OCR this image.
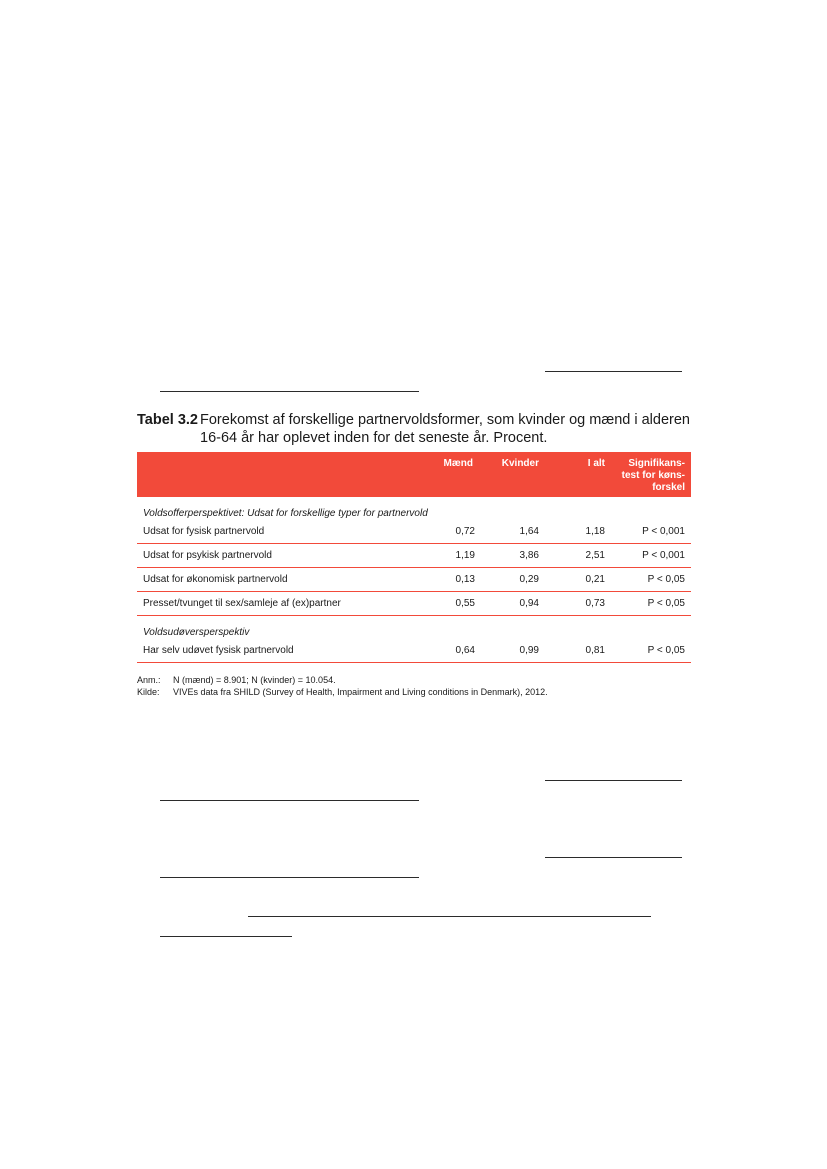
Tabel 3.2 Forekomst af forskellige partnervoldsformer, som kvinder og mænd i alderen 16-64 år har oplevet inden for det seneste år. Procent.
Mænd	Kvinder	I alt	Signifikans-
test for køns-
forskel
Voldsofferperspektivet: Udsat for forskellige typer for partnervold
Udsat for fysisk partnervold	0,72	1,64	1,18	P < 0,001
Udsat for psykisk partnervold	1,19	3,86	2,51	P < 0,001
Udsat for økonomisk partnervold	0,13	0,29	0,21	P < 0,05
Presset/tvunget til sex/samleje af (ex)partner	0,55	0,94	0,73	P < 0,05
Voldsudøversperspektiv
Har selv udøvet fysisk partnervold	0,64	0,99	0,81	P < 0,05
Anm.: N (mænd) = 8.901; N (kvinder) = 10.054.
Kilde: VIVEs data fra SHILD (Survey of Health, Impairment and Living conditions in Denmark), 2012.
